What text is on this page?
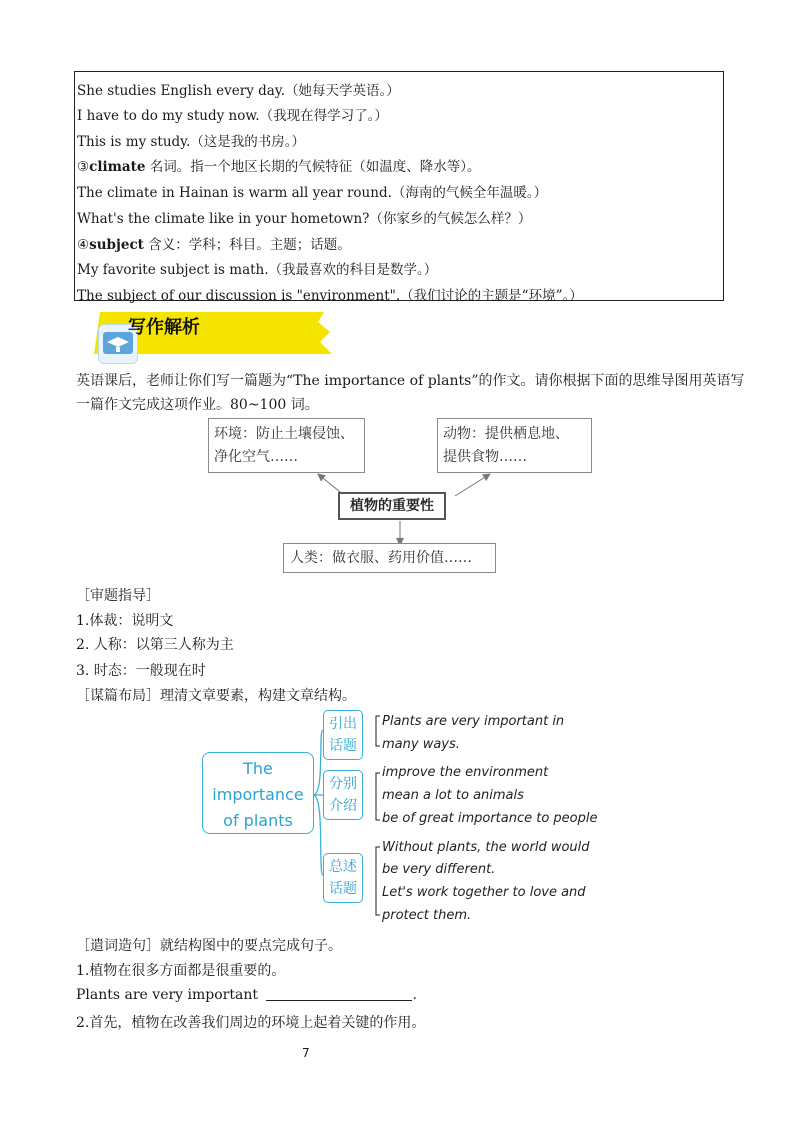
She studies English every day.（她每天学英语。）
I have to do my study now.（我现在得学习了。）
This is my study.（这是我的书房。）
③climate 名词。指一个地区长期的气候特征（如温度、降水等）。
The climate in Hainan is warm all year round.（海南的气候全年温暖。）
What's the climate like in your hometown?（你家乡的气候怎么样？）
④subject 含义：学科；科目。主题；话题。
My favorite subject is math.（我最喜欢的科目是数学。）
The subject of our discussion is "environment".（我们讨论的主题是“环境”。）
写作解析
英语课后，老师让你们写一篇题为“The importance of plants”的作文。请你根据下面的思维导图用英语写
一篇作文完成这项作业。80~100 词。
环境：防止土壤侵蚀、
净化空气……
动物：提供栖息地、
提供食物……
植物的重要性
人类：做衣服、药用价值……
［审题指导］
1.体裁：说明文
2. 人称：以第三人称为主
3. 时态：一般现在时
［谋篇布局］理清文章要素，构建文章结构。
The
importance
of plants
引出
话题
分别
介绍
总述
话题
Plants are very important in
many ways.
improve the environment
mean a lot to animals
be of great importance to people
Without plants, the world would
be very different.
Let's work together to love and
protect them.
［遣词造句］就结构图中的要点完成句子。
1.植物在很多方面都是很重要的。
Plants are very important	.
2.首先，植物在改善我们周边的环境上起着关键的作用。
7
